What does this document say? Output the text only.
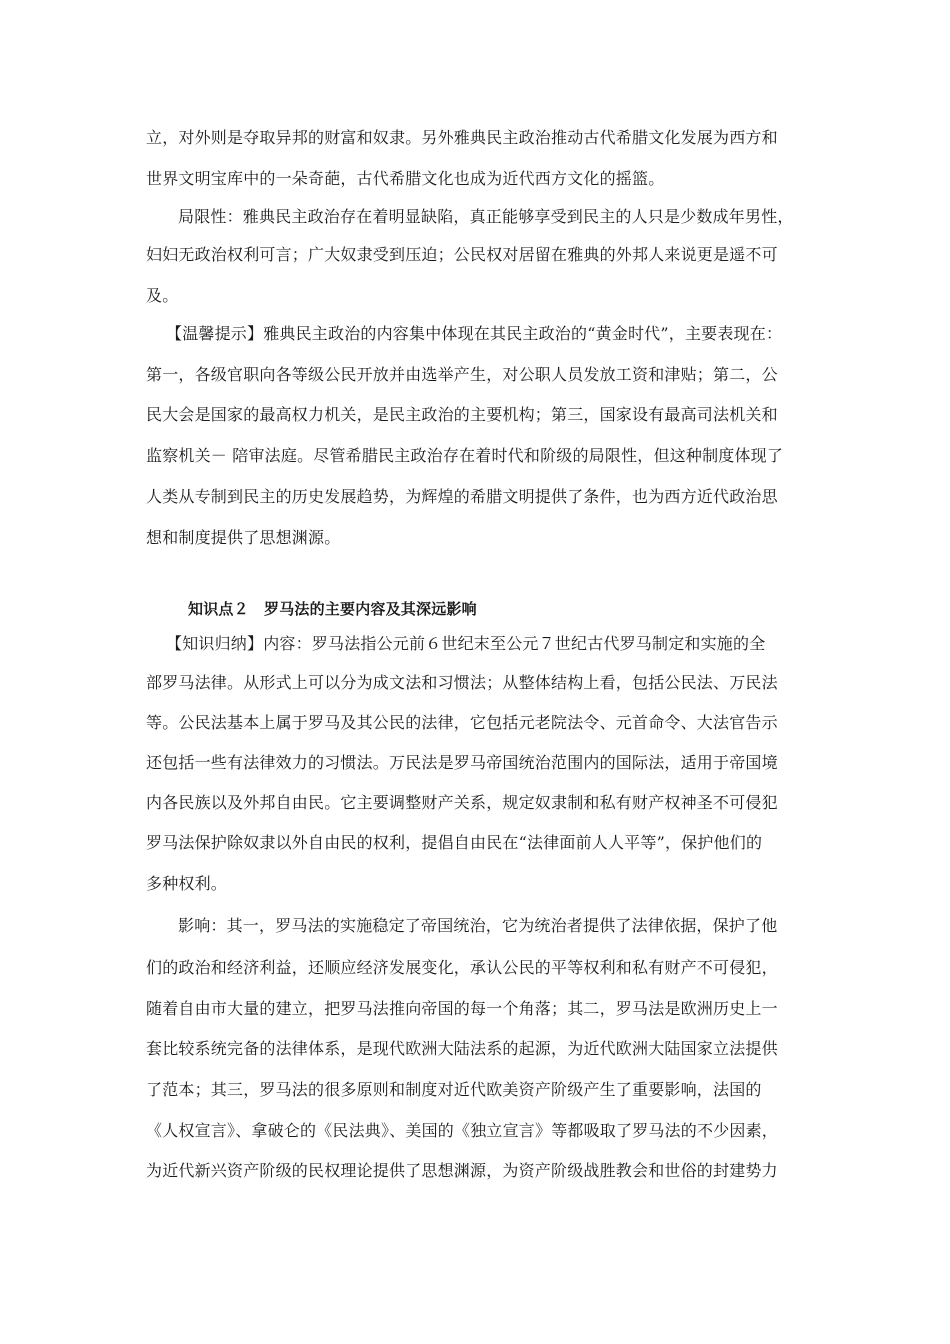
立，对外则是夺取异邦的财富和奴隶。另外雅典民主政治推动古代希腊文化发展为西方和
世界文明宝库中的一朵奇葩，古代希腊文化也成为近代西方文化的摇篮。
局限性：雅典民主政治存在着明显缺陷，真正能够享受到民主的人只是少数成年男性，
妇妇无政治权利可言；广大奴隶受到压迫；公民权对居留在雅典的外邦人来说更是遥不可
及。
【温馨提示】雅典民主政治的内容集中体现在其民主政治的“黄金时代”，主要表现在：
第一，各级官职向各等级公民开放并由选举产生，对公职人员发放工资和津贴；第二，公
民大会是国家的最高权力机关，是民主政治的主要机构；第三，国家设有最高司法机关和
监察机关－ 陪审法庭。尽管希腊民主政治存在着时代和阶级的局限性，但这种制度体现了
人类从专制到民主的历史发展趋势，为辉煌的希腊文明提供了条件，也为西方近代政治思
想和制度提供了思想渊源。
知识点２　罗马法的主要内容及其深远影响
【知识归纳】内容：罗马法指公元前６世纪末至公元７世纪古代罗马制定和实施的全
部罗马法律。从形式上可以分为成文法和习惯法；从整体结构上看，包括公民法、万民法
等。公民法基本上属于罗马及其公民的法律，它包括元老院法令、元首命令、大法官告示
还包括一些有法律效力的习惯法。万民法是罗马帝国统治范围内的国际法，适用于帝国境
内各民族以及外邦自由民。它主要调整财产关系，规定奴隶制和私有财产权神圣不可侵犯
罗马法保护除奴隶以外自由民的权利，提倡自由民在“法律面前人人平等”，保护他们的
多种权利。
影响：其一，罗马法的实施稳定了帝国统治，它为统治者提供了法律依据，保护了他
们的政治和经济利益，还顺应经济发展变化，承认公民的平等权利和私有财产不可侵犯，
随着自由市大量的建立，把罗马法推向帝国的每一个角落；其二，罗马法是欧洲历史上一
套比较系统完备的法律体系，是现代欧洲大陆法系的起源，为近代欧洲大陆国家立法提供
了范本；其三，罗马法的很多原则和制度对近代欧美资产阶级产生了重要影响，法国的
《人权宣言》、拿破仑的《民法典》、美国的《独立宣言》等都吸取了罗马法的不少因素，
为近代新兴资产阶级的民权理论提供了思想渊源，为资产阶级战胜教会和世俗的封建势力
